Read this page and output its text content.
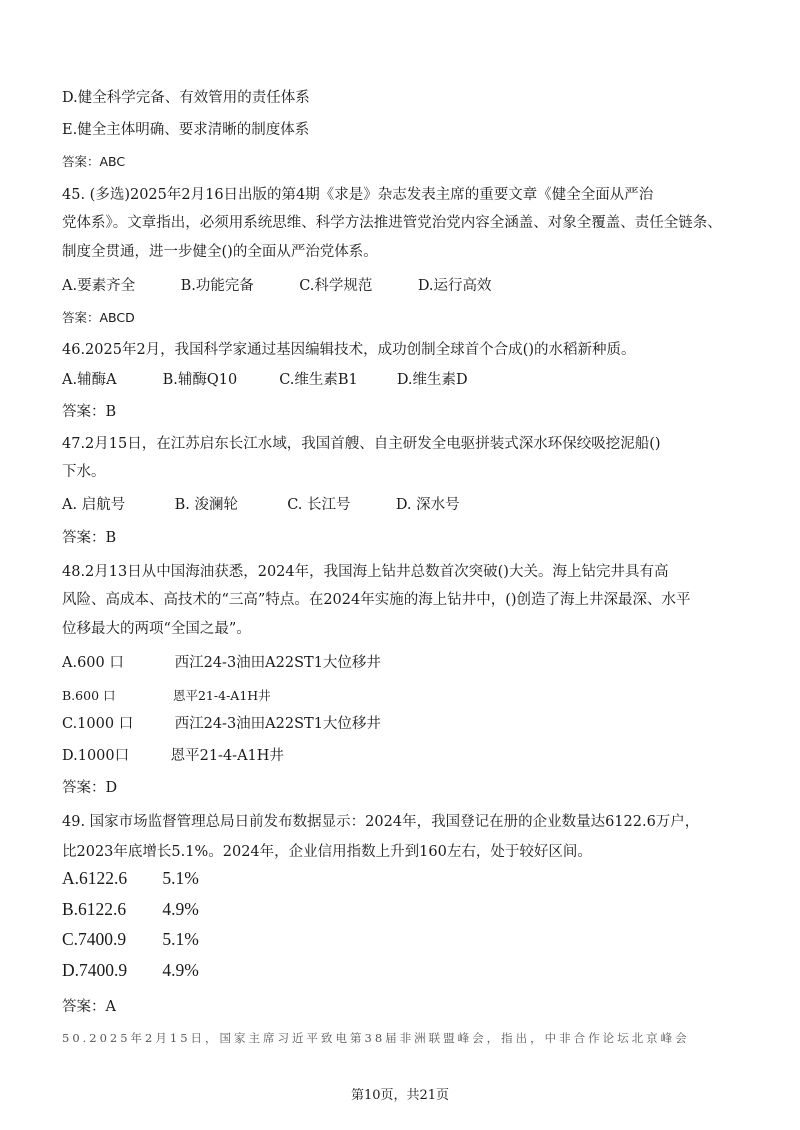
D.健全科学完备、有效管用的责任体系
E.健全主体明确、要求清晰的制度体系
答案：ABC
45. (多选)2025年2月16日出版的第4期《求是》杂志发表主席的重要文章《健全全面从严治
党体系》。文章指出，必须用系统思维、科学方法推进管党治党内容全涵盖、对象全覆盖、责任全链条、
制度全贯通，进一步健全()的全面从严治党体系。
A.要素齐全	B.功能完备	C.科学规范	D.运行高效
答案：ABCD
46.2025年2月，我国科学家通过基因编辑技术，成功创制全球首个合成()的水稻新种质。
A.辅酶A	B.辅酶Q10	C.维生素B1	D.维生素D
答案：B
47.2月15日，在江苏启东长江水域，我国首艘、自主研发全电驱拼装式深水环保绞吸挖泥船()
下水。
A. 启航号	B. 浚澜轮	C. 长江号	D. 深水号
答案：B
48.2月13日从中国海油获悉，2024年，我国海上钻井总数首次突破()大关。海上钻完井具有高
风险、高成本、高技术的“三高”特点。在2024年实施的海上钻井中，()创造了海上井深最深、水平
位移最大的两项“全国之最”。
A.600 口	西江24-3油田A22ST1大位移井
B.600 口	恩平21-4-A1H井
C.1000 口	西江24-3油田A22ST1大位移井
D.1000口	恩平21-4-A1H井
答案：D
49. 国家市场监督管理总局日前发布数据显示：2024年，我国登记在册的企业数量达6122.6万户，
比2023年底增长5.1%。2024年，企业信用指数上升到160左右，处于较好区间。
A.6122.6 5.1%
B.6122.6 4.9%
C.7400.9 5.1%
D.7400.9 4.9%
答案：A
50.2025年2月15日，国家主席习近平致电第38届非洲联盟峰会，指出，中非合作论坛北京峰会
第10页，共21页
